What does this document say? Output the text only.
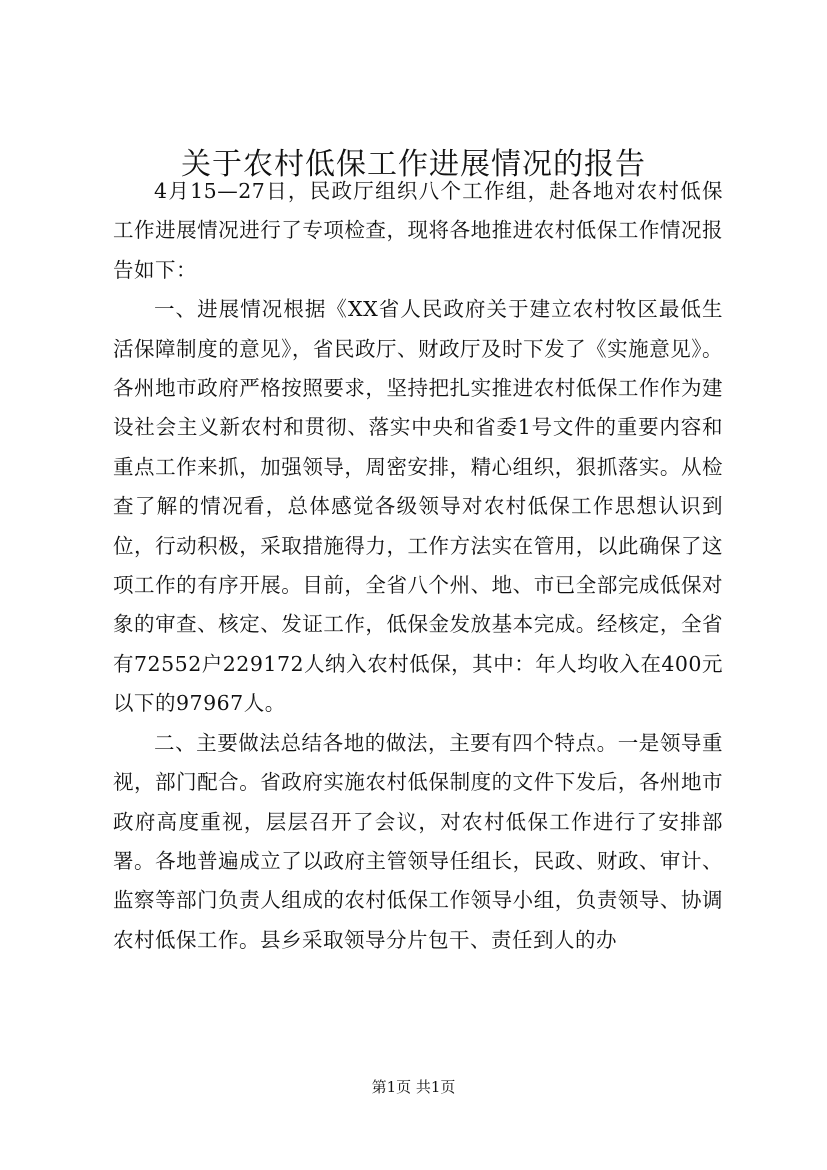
关于农村低保工作进展情况的报告

4月15—27日，民政厅组织八个工作组，赴各地对农村低保工作进展情况进行了专项检查，现将各地推进农村低保工作情况报告如下：

一、进展情况根据《XX省人民政府关于建立农村牧区最低生活保障制度的意见》，省民政厅、财政厅及时下发了《实施意见》。各州地市政府严格按照要求，坚持把扎实推进农村低保工作作为建设社会主义新农村和贯彻、落实中央和省委1号文件的重要内容和重点工作来抓，加强领导，周密安排，精心组织，狠抓落实。从检查了解的情况看，总体感觉各级领导对农村低保工作思想认识到位，行动积极，采取措施得力，工作方法实在管用，以此确保了这项工作的有序开展。目前，全省八个州、地、市已全部完成低保对象的审查、核定、发证工作，低保金发放基本完成。经核定，全省有72552户229172人纳入农村低保，其中：年人均收入在400元以下的97967人。

二、主要做法总结各地的做法，主要有四个特点。一是领导重视，部门配合。省政府实施农村低保制度的文件下发后，各州地市政府高度重视，层层召开了会议，对农村低保工作进行了安排部署。各地普遍成立了以政府主管领导任组长，民政、财政、审计、监察等部门负责人组成的农村低保工作领导小组，负责领导、协调农村低保工作。县乡采取领导分片包干、责任到人的办

第1页 共1页
